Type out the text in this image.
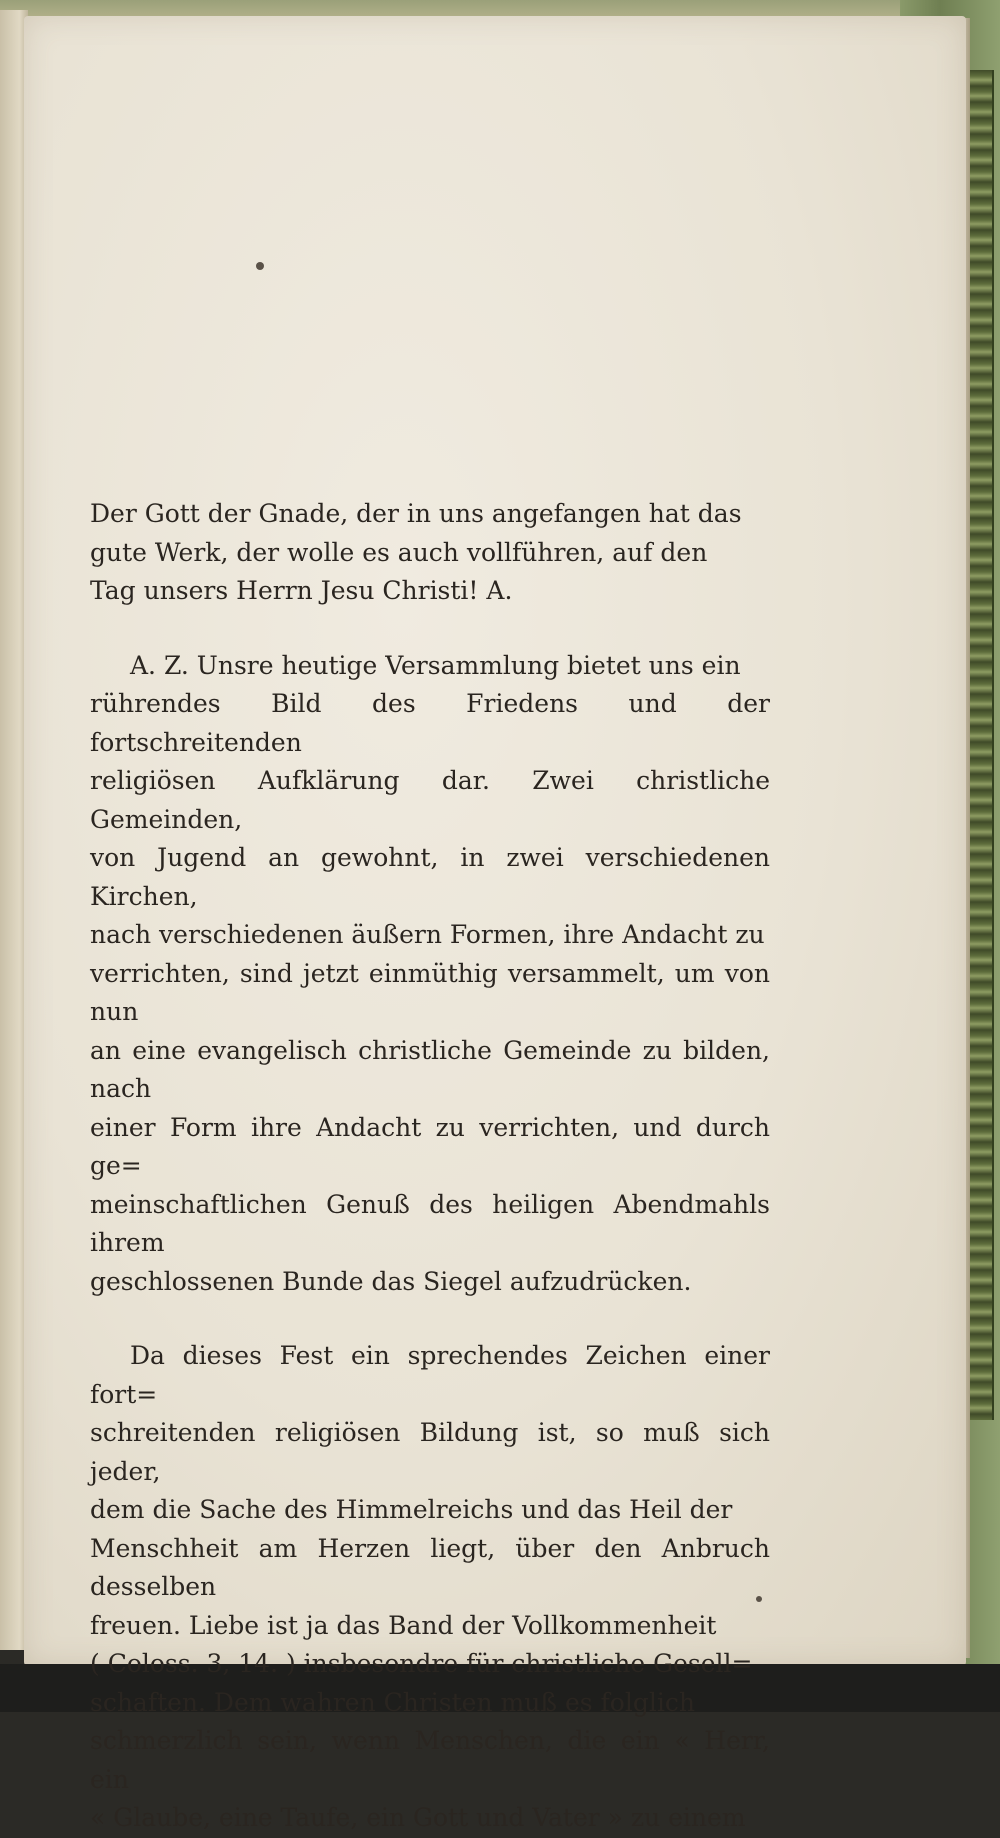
Der Gott der Gnade, der in uns angefangen hat das
gute Werk, der wolle es auch vollführen, auf den
Tag unsers Herrn Jesu Christi! A.
A. Z. Unsre heutige Versammlung bietet uns ein
rührendes Bild des Friedens und der fortschreitenden
religiösen Aufklärung dar. Zwei christliche Gemeinden,
von Jugend an gewohnt, in zwei verschiedenen Kirchen,
nach verschiedenen äußern Formen, ihre Andacht zu
verrichten, sind jetzt einmüthig versammelt, um von nun
an eine evangelisch christliche Gemeinde zu bilden, nach
einer Form ihre Andacht zu verrichten, und durch ge=
meinschaftlichen Genuß des heiligen Abendmahls ihrem
geschlossenen Bunde das Siegel aufzudrücken.
Da dieses Fest ein sprechendes Zeichen einer fort=
schreitenden religiösen Bildung ist, so muß sich jeder,
dem die Sache des Himmelreichs und das Heil der
Menschheit am Herzen liegt, über den Anbruch desselben
freuen. Liebe ist ja das Band der Vollkommenheit
( Coloss. 3, 14. ) insbesondre für christliche Gesell=
schaften. Dem wahren Christen muß es folglich
schmerzlich sein, wenn Menschen, die ein « Herr, ein
« Glaube, eine Taufe, ein Gott und Vater » zu einem
